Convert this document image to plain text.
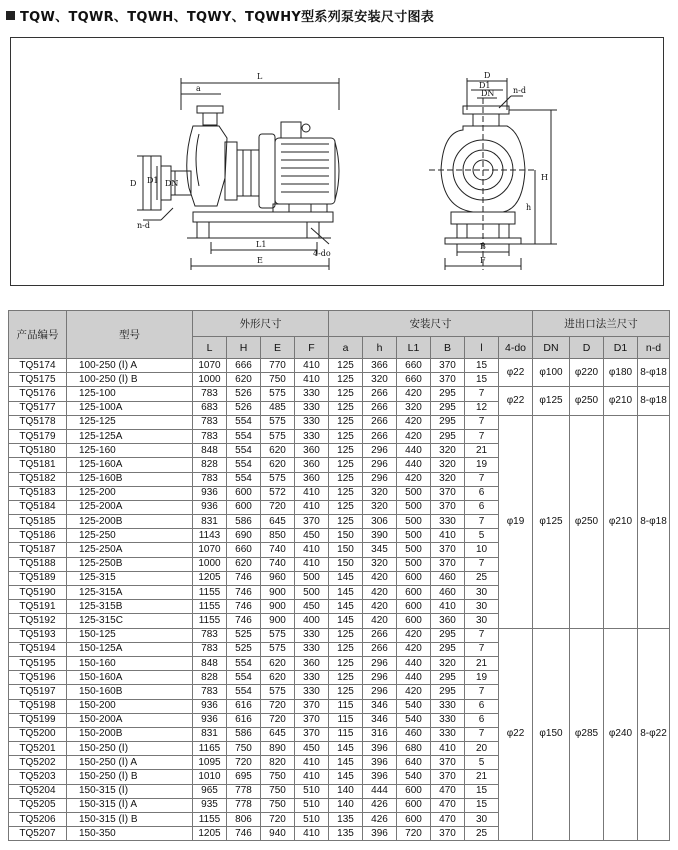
TQW、TQWR、TQWH、TQWY、TQWHY型系列泵安装尺寸图表
L
a
D D1 DN
n-d
L1
4-do
E
D
D1
DN n-d
H
h
B
F
产品编号	型号	外形尺寸				安装尺寸						进出口法兰尺寸			
		L	H	E	F	a	h	L1	B	l	4-do	DN	D	D1	n-d
TQ5174	100-250 (Ⅰ) A	1070	666	770	410	125	366	660	370	15	φ22	φ100	φ220	φ180	8-φ18
TQ5175	100-250 (Ⅰ) B	1000	620	750	410	125	320	660	370	15					
TQ5176	125-100	783	526	575	330	125	266	420	295	7	φ22	φ125	φ250	φ210	8-φ18
TQ5177	125-100A	683	526	485	330	125	266	320	295	12					
TQ5178	125-125	783	554	575	330	125	266	420	295	7	φ19	φ125	φ250	φ210	8-φ18
TQ5179	125-125A	783	554	575	330	125	266	420	295	7					
TQ5180	125-160	848	554	620	360	125	296	440	320	21					
TQ5181	125-160A	828	554	620	360	125	296	440	320	19					
TQ5182	125-160B	783	554	575	360	125	296	420	320	7					
TQ5183	125-200	936	600	572	410	125	320	500	370	6					
TQ5184	125-200A	936	600	720	410	125	320	500	370	6					
TQ5185	125-200B	831	586	645	370	125	306	500	330	7					
TQ5186	125-250	1143	690	850	450	150	390	500	410	5					
TQ5187	125-250A	1070	660	740	410	150	345	500	370	10					
TQ5188	125-250B	1000	620	740	410	150	320	500	370	7					
TQ5189	125-315	1205	746	960	500	145	420	600	460	25					
TQ5190	125-315A	1155	746	900	500	145	420	600	460	30					
TQ5191	125-315B	1155	746	900	450	145	420	600	410	30					
TQ5192	125-315C	1155	746	900	400	145	420	600	360	30					
TQ5193	150-125	783	525	575	330	125	266	420	295	7	φ22	φ150	φ285	φ240	8-φ22
TQ5194	150-125A	783	525	575	330	125	266	420	295	7					
TQ5195	150-160	848	554	620	360	125	296	440	320	21					
TQ5196	150-160A	828	554	620	330	125	296	440	295	19					
TQ5197	150-160B	783	554	575	330	125	296	420	295	7					
TQ5198	150-200	936	616	720	370	115	346	540	330	6					
TQ5199	150-200A	936	616	720	370	115	346	540	330	6					
TQ5200	150-200B	831	586	645	370	115	316	460	330	7					
TQ5201	150-250 (Ⅰ)	1165	750	890	450	145	396	680	410	20					
TQ5202	150-250 (Ⅰ) A	1095	720	820	410	145	396	640	370	5					
TQ5203	150-250 (Ⅰ) B	1010	695	750	410	145	396	540	370	21					
TQ5204	150-315 (Ⅰ)	965	778	750	510	140	444	600	470	15					
TQ5205	150-315 (Ⅰ) A	935	778	750	510	140	426	600	470	15					
TQ5206	150-315 (Ⅰ) B	1155	806	720	510	135	426	600	470	30					
TQ5207	150-350	1205	746	940	410	135	396	720	370	25					
